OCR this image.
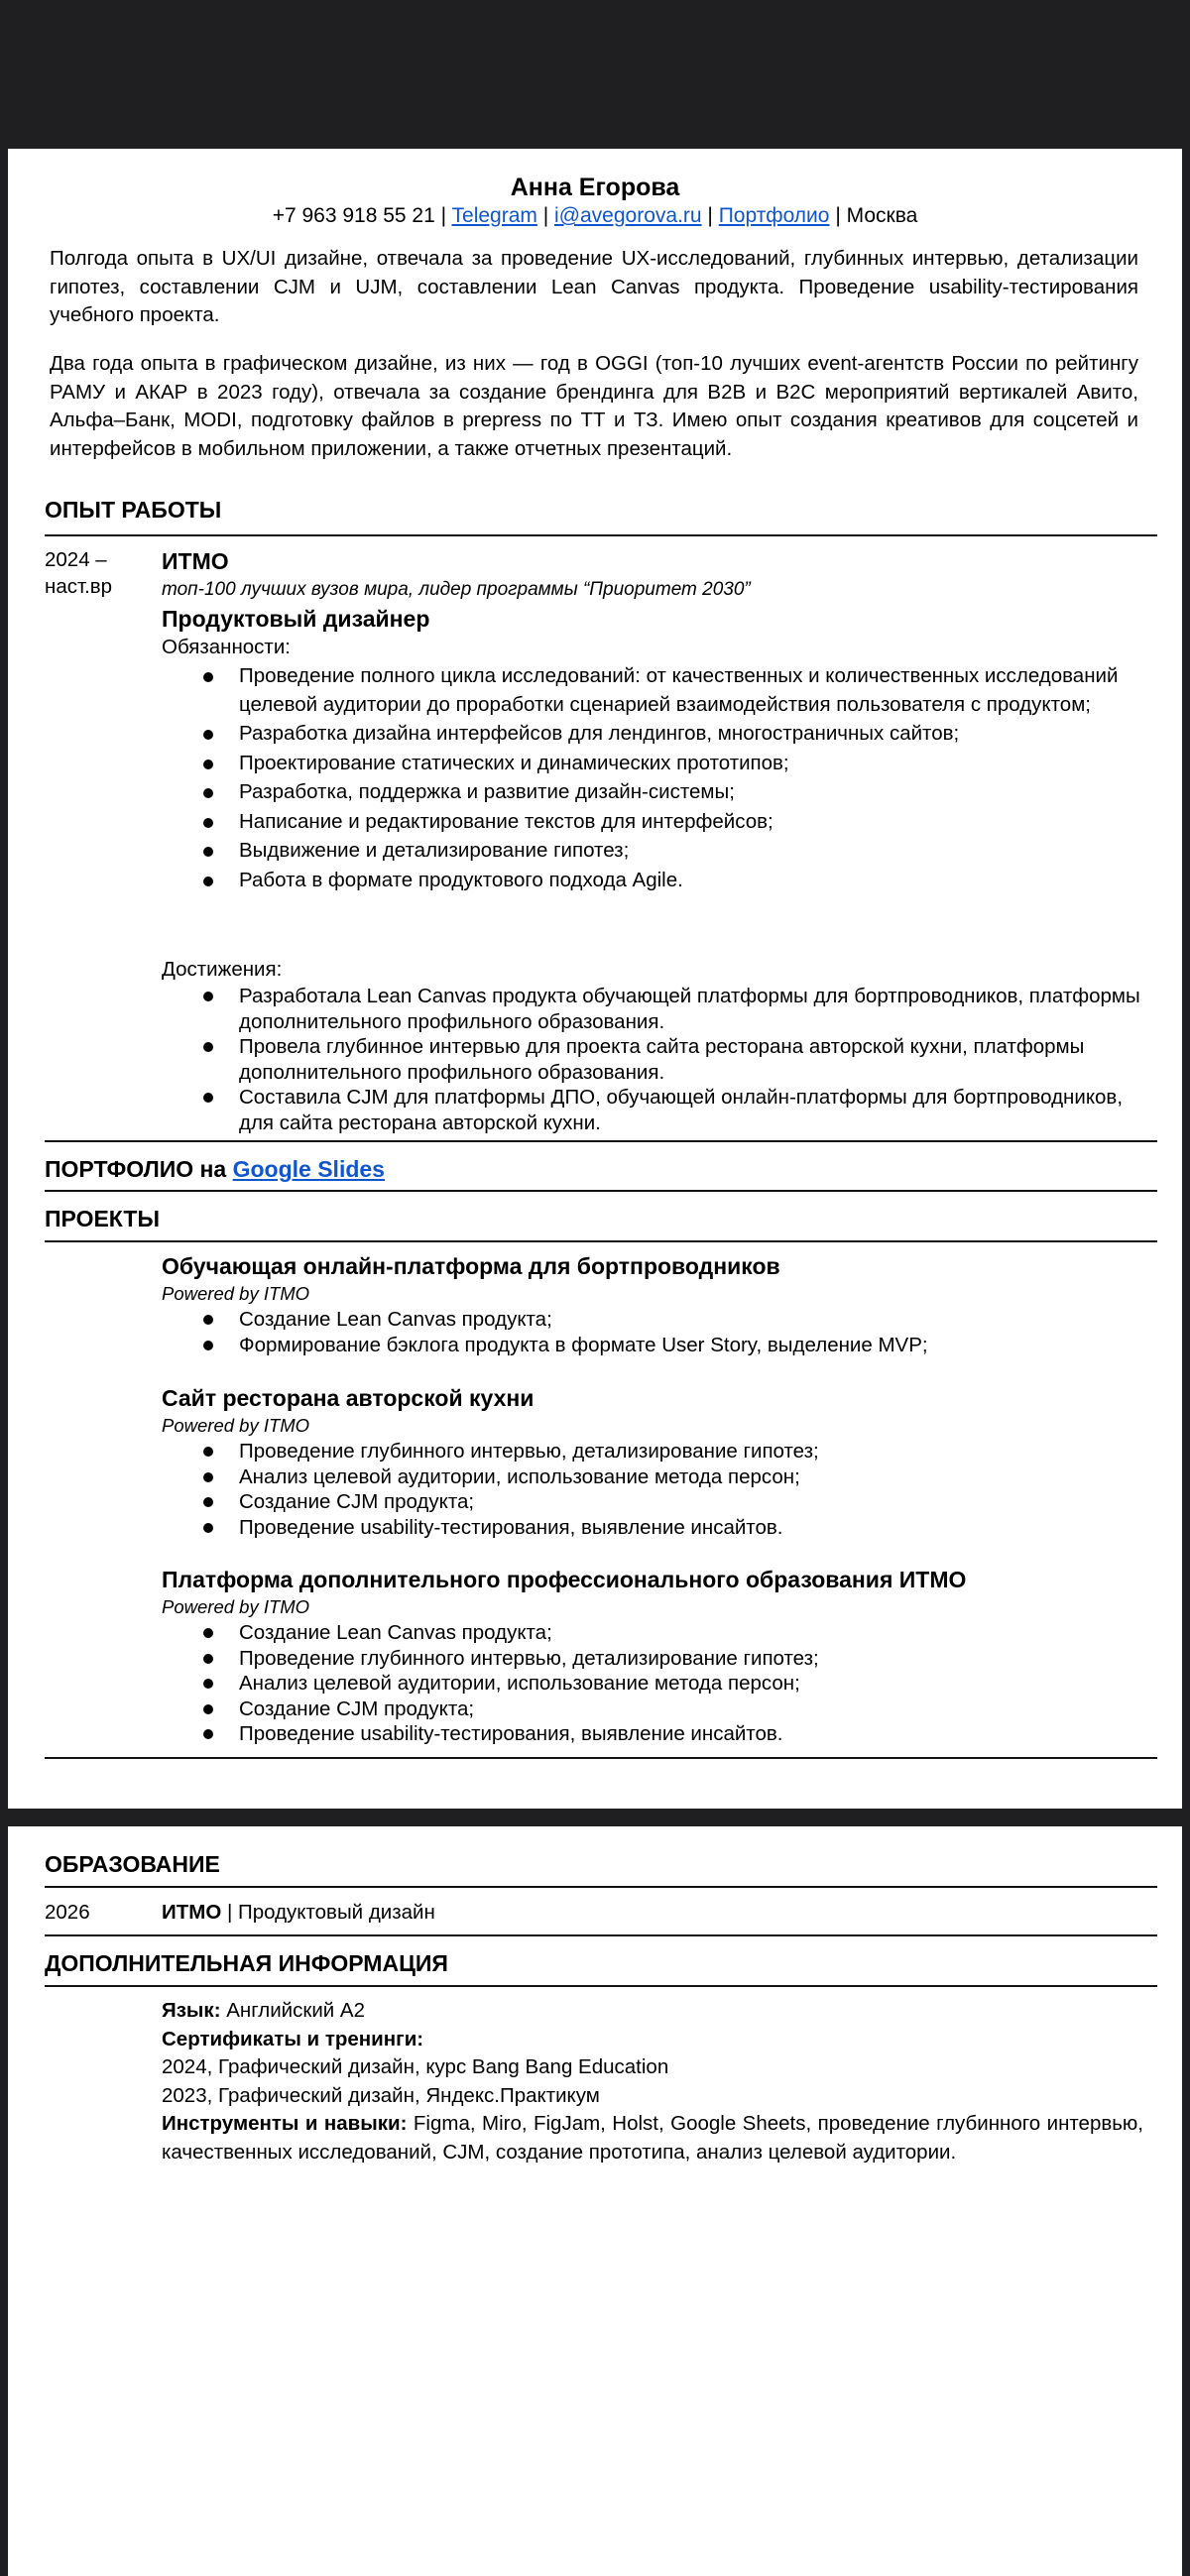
Анна Егорова
+7 963 918 55 21 | Telegram | i@avegorova.ru | Портфолио | Москва

Полгода опыта в UX/UI дизайне, отвечала за проведение UX-исследований, глубинных интервью, детализации гипотез, составлении CJM и UJM, составлении Lean Canvas продукта. Проведение usability-тестирования учебного проекта.

Два года опыта в графическом дизайне, из них — год в OGGI (топ-10 лучших event-агентств России по рейтингу РАМУ и АКАР в 2023 году), отвечала за создание брендинга для B2B и B2C мероприятий вертикалей Авито, Альфа–Банк, MODI, подготовку файлов в prepress по ТТ и ТЗ. Имею опыт создания креативов для соцсетей и интерфейсов в мобильном приложении, а также отчетных презентаций.

ОПЫТ РАБОТЫ
2024 –
наст.вр
ИТМО
топ-100 лучших вузов мира, лидер программы “Приоритет 2030”
Продуктовый дизайнер
Обязанности:
Проведение полного цикла исследований: от качественных и количественных исследований целевой аудитории до проработки сценарией взаимодействия пользователя с продуктом;
Разработка дизайна интерфейсов для лендингов, многостраничных сайтов;
Проектирование статических и динамических прототипов;
Разработка, поддержка и развитие дизайн-системы;
Написание и редактирование текстов для интерфейсов;
Выдвижение и детализирование гипотез;
Работа в формате продуктового подхода Agile.
Достижения:
Разработала Lean Canvas продукта обучающей платформы для бортпроводников, платформы дополнительного профильного образования.
Провела глубинное интервью для проекта сайта ресторана авторской кухни, платформы дополнительного профильного образования.
Составила CJM для платформы ДПО, обучающей онлайн-платформы для бортпроводников, для сайта ресторана авторской кухни.
ПОРТФОЛИО на Google Slides
ПРОЕКТЫ
Обучающая онлайн-платформа для бортпроводников
Powered by ITMO
Создание Lean Canvas продукта;
Формирование бэклога продукта в формате User Story, выделение MVP;
Сайт ресторана авторской кухни
Powered by ITMO
Проведение глубинного интервью, детализирование гипотез;
Анализ целевой аудитории, использование метода персон;
Создание CJM продукта;
Проведение usability-тестирования, выявление инсайтов.
Платформа дополнительного профессионального образования ИТМО
Powered by ITMO
Создание Lean Canvas продукта;
Проведение глубинного интервью, детализирование гипотез;
Анализ целевой аудитории, использование метода персон;
Создание CJM продукта;
Проведение usability-тестирования, выявление инсайтов.
ОБРАЗОВАНИЕ
2026	ИТМО | Продуктовый дизайн
ДОПОЛНИТЕЛЬНАЯ ИНФОРМАЦИЯ
Язык: Английский A2
Сертификаты и тренинги:
2024, Графический дизайн, курс Bang Bang Education
2023, Графический дизайн, Яндекс.Практикум
Инструменты и навыки: Figma, Miro, FigJam, Holst, Google Sheets, проведение глубинного интервью, качественных исследований, CJM, создание прототипа, анализ целевой аудитории.
